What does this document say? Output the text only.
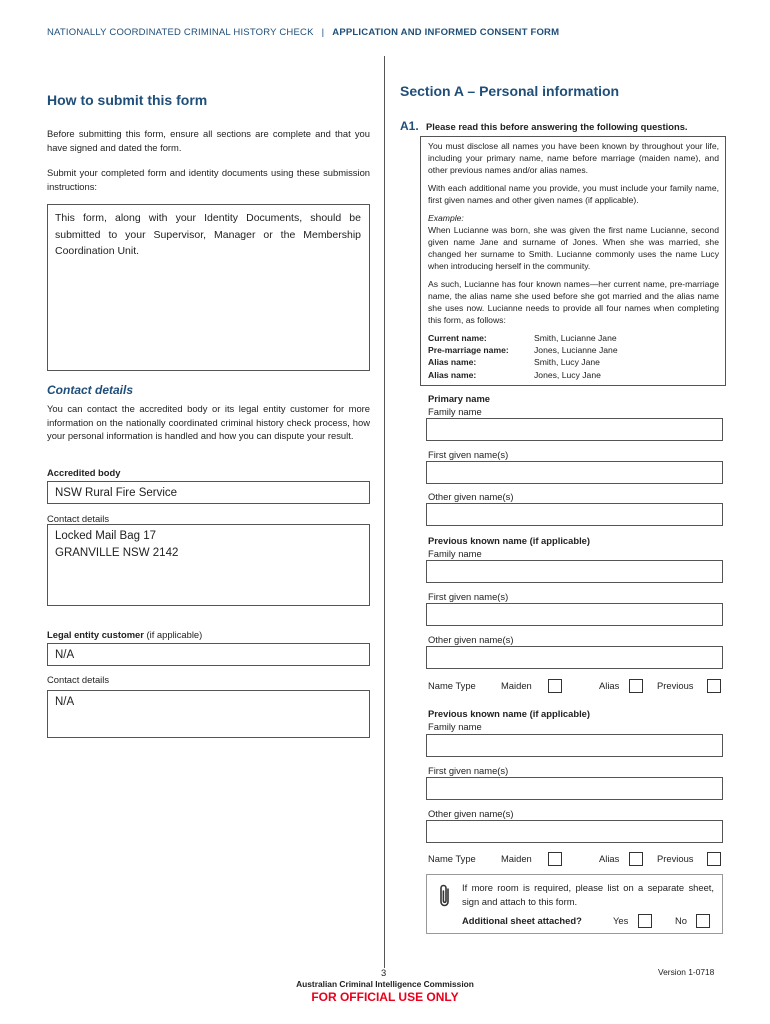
NATIONALLY COORDINATED CRIMINAL HISTORY CHECK | APPLICATION AND INFORMED CONSENT FORM
How to submit this form
Before submitting this form, ensure all sections are complete and that you have signed and dated the form.
Submit your completed form and identity documents using these submission instructions:
This form, along with your Identity Documents, should be submitted to your Supervisor, Manager or the Membership Coordination Unit.
Contact details
You can contact the accredited body or its legal entity customer for more information on the nationally coordinated criminal history check process, how your personal information is handled and how you can dispute your result.
Accredited body
NSW Rural Fire Service
Contact details
Locked Mail Bag 17
GRANVILLE NSW 2142
Legal entity customer (if applicable)
N/A
Contact details
N/A
Section A – Personal information
A1. Please read this before answering the following questions.

You must disclose all names you have been known by throughout your life, including your primary name, name before marriage (maiden name), and other previous names and/or alias names.

With each additional name you provide, you must include your family name, first given names and other given names (if applicable).

Example:

When Lucianne was born, she was given the first name Lucianne, second given name Jane and surname of Jones. When she was married, she changed her surname to Smith. Lucianne commonly uses the name Lucy when introducing herself in the community.

As such, Lucianne has four known names—her current name, pre-marriage name, the alias name she used before she got married and the alias name she uses now. Lucianne needs to provide all four names when completing this form, as follows:

Current name:	Smith, Lucianne Jane
Pre-marriage name:	Jones, Lucianne Jane
Alias name:	Smith, Lucy Jane
Alias name:	Jones, Lucy Jane
Primary name
Family name
First given name(s)
Other given name(s)
Previous known name (if applicable)
Family name
First given name(s)
Other given name(s)
Name Type	Maiden	Alias	Previous
Previous known name (if applicable)
Family name
First given name(s)
Other given name(s)
Name Type	Maiden	Alias	Previous
If more room is required, please list on a separate sheet, sign and attach to this form.
Additional sheet attached?	Yes	No
3	Version 1-0718
Australian Criminal Intelligence Commission
FOR OFFICIAL USE ONLY
